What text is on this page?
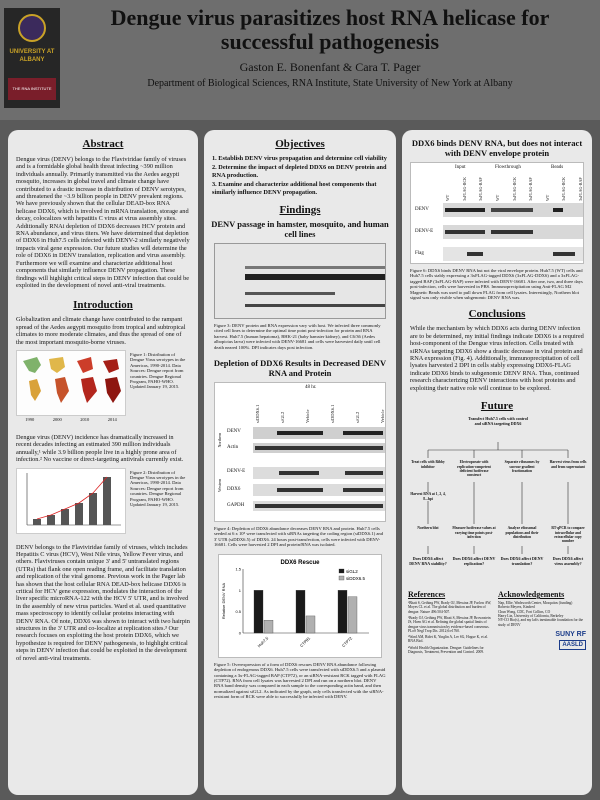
UNIVERSITY AT ALBANY
THE RNA INSTITUTE
Dengue virus parasitizes host RNA helicase for successful pathogenesis
Gaston E. Bonenfant & Cara T. Pager
Department of Biological Sciences, RNA Institute, State University of New York at Albany
Abstract
Dengue virus (DENV) belongs to the Flaviviridae family of viruses and is a formidable global health threat infecting ~390 million individuals annually. Primarily transmitted via the Aedes aegypti mosquito, increases in global travel and climate change have contributed to a drastic increase in distribution of DENV serotypes, and threatened the ~3.9 billion people in DENV prevalent regions. We have previously shown that the cellular DEAD-box RNA helicase DDX6, which is involved in mRNA translation, storage and decay, colocalizes with hepatitis C virus at virus assembly sites. Additionally RNAi depletion of DDX6 decreases HCV protein and RNA abundance, and virus titers. We have determined that depletion of DDX6 in Huh7.5 cells infected with DENV-2 similarly negatively impacts viral gene expression. Our future studies will determine the role of DDX6 in DENV translation, replication and virus assembly. Furthermore we will examine and characterize additional host components that similarly influence DENV propagation. These findings will highlight critical steps in DENV infection that could be exploited in the development of novel anti-viral treatments.
Introduction
Globalization and climate change have contributed to the rampant spread of the Aedes aegypti mosquito from tropical and subtropical climates to more moderate climates, and thus the spread of one of the most important mosquito-borne viruses.
1990	2000	2010	2014
Figure 1: Distribution of Dengue Virus serotypes in the Americas, 1990-2014. Data Sources: Dengue report from countries. Dengue Regional Program, PAHO-WHO. Updated January 19, 2015.
Dengue virus (DENV) incidence has dramatically increased in recent decades infecting an estimated 390 million individuals annually,¹ while 3.9 billion people live in a highly prone area of infection.² No vaccine or direct-targeting antivirals currently exist.
Figure 2: Distribution of Dengue Virus serotypes in the Americas, 1990-2014. Data Sources: Dengue report from countries. Dengue Regional Program, PAHO-WHO. Updated January 19, 2015.
DENV belongs to the Flaviviridae family of viruses, which includes Hepatitis C virus (HCV), West Nile virus, Yellow Fever virus, and others. Flaviviruses contain unique 3' and 5' untranslated regions (UTRs) that flank one open reading frame, and facilitate translation and replication of the viral genome. Previous work in the Pager lab has shown that the host cellular RNA DEAD-box helicase DDX6 is critical for HCV gene expression, modulates the interaction of the liver specific microRNA-122 with the HCV 5' UTR, and is involved in the assembly of new virus particles. Ward et al. used quantitative mass spectroscopy to identify cellular proteins interacting with DENV RNA. Of note, DDX6 was shown to interact with two hairpin structures in the 3' UTR and co-localize at replication sites.³ Our research focuses on exploiting the host protein DDX6, which we hypothesize is required for DENV pathogenesis, to highlight critical steps in DENV infection that could be exploited in the development of novel anti-viral treatments.
Objectives
1. Establish DENV virus propagation and determine cell viability
2. Determine the impact of depleted DDX6 on DENV protein and RNA production.
3. Examine and characterize additional host components that similarly influence DENV propagation.
Findings
DENV passage in hamster, mosquito, and human cell lines
Figure 3: DENV protein and RNA expression vary with host. We infected three commonly cited cell lines to determine the optimal time point post-infection for protein and RNA harvest. Huh7.5 (human hepatoma), BHK-21 (baby hamster kidney), and C6/36 (Aedes albopictus larva) were infected with DENV-16681 and cells were harvested daily until cell death neared 100%. DPI indicates days post infection.
Depletion of DDX6 Results in Decreased DENV RNA and Protein
48 hr.
siDDX6.1	siGL2	Vehicle	siDDX6.1	siGL2	Vehicle
Northern
Western
DENV
Actin
DENV-E
DDX6
GAPDH
Figure 4: Depletion of DDX6 abundance decreases DENV RNA and protein. Huh7.5 cells seeded at 6 x 10⁵ were transfected with siRNAs targeting the coding region (siDDX6.1) and 3' UTR (siDDX6.5) of DDX6. 24 hours post-transfection, cells were infected with DENV-16681. Cells were harvested 2 DPI and protein/RNA was isolated.
DDX6 Rescue
0
0.5
1
1.5
Relative DENV RNA
Huh7.5	CTP81	CTP72
siGL2
siDDX6.5
Figure 5: Overexpression of a form of DDX6 rescues DENV RNA abundance following depletion of endogenous DDX6. Huh7.5 cells were transfected with siDDX6.5 and a plasmid containing a 3x-FLAG-tagged BAP (CTP72), or an siRNA-resistant RCK tagged with FLAG (CTP72). RNA from cell lysates was harvested 2 DPI and run on a northern blot. DENV RNA band density was compared in each sample to the corresponding actin band, and then normalized against siGL2. As indicated by the graph, only cells transfected with the siRNA-resistant form of RCK were able to successfully be infected with DENV.
DDX6 binds DENV RNA, but does not interact with DENV envelope protein
Input	Flowthrough	Beads
WT	3xFLAG-RCK	3xFLAG-BAP	WT	3xFLAG-RCK	3xFLAG-BAP	WT	3xFLAG-RCK	3xFLAG-BAP
DENV
DENV-E
Flag
Figure 6: DDX6 binds DENV RNA but not the viral envelope protein. Huh7.5 (WT) cells and Huh7.5 cells stably expressing a 3xFLAG-tagged DDX6 (3xFLAG-DDX6) and a 3xFLAG-tagged BAP (3xFLAG-BAP) were infected with DENV-16681. After one, two, and three days post-infection, cells were harvested in PBS. Immunoprecipitation using Anti-FLAG M2 Magnetic Beads was used to pull down FLAG from cell lysates. Interestingly, Northern blot signal was only visible when subgenomic DENV RNA was.
Conclusions
While the mechanism by which DDX6 acts during DENV infection are to be determined, my initial findings indicate DDX6 is a required host-component of the Dengue virus infection. Cells treated with siRNAs targeting DDX6 show a drastic decrease in viral protein and RNA expression (Fig. 4). Additionally, immunoprecipitation of cell lysates harvested 2 DPI in cells stably expressing DDX6-FLAG indicate DDX6 binds to subgenomic DENV RNA. Thus, continued research characterizing DENV interactions with host proteins and exploiting their native role will continue to be explored.
Future
Transfect Huh7.5 cells with control and siRNA targeting DDX6
Treat cells with Ribby inhibitor
Electroporate with replication-competent deficient luciferase construct
Separate ribosomes by sucrose gradient fractionation
Harvest virus from cells and from supernatant
Harvest RNA at 1, 2, 4, 8...hpi
Northern blot	Measure luciferase values at varying time points post-infection
Analyze ribosomal populations and their distribution
RT-qPCR to compare intracellular and extracellular copy number
Does DDX6 affect DENV RNA stability?
Does DDX6 affect DENV replication?
Does DDX6 affect DENV translation?
Does DDX6 affect virus assembly?
References
¹Bhatt S, Gething PW, Brady OJ, Messina JP, Farlow AW, Moyes CL et al. The global distribution and burden of dengue. Nature 496:504-507.
²Brady OJ, Gething PW, Bhatt S, Messina JP, Brownstein JS, Hoen AG et al. Refining the global spatial limits of dengue virus transmission by evidence-based consensus. PLoS Negl Trop Dis. 2012;6:e1760.
³Ward AM, Bidet K, Yinglin A, Ler SG, Hogue K, et al. RNA Biol.
⁴World Health Organization. Dengue: Guidelines for Diagnosis, Treatment, Prevention and Control. 2009.
Acknowledgements
Nap, Ellie, Wadsworth Center, Mosquitos (funding)
Roberto Meyers, Kindred
Chun Wong, CDC, Fort Collins, CO
Harry Lin, University of California, Berkeley
NY-CO Bio(s), and my lab's inestimable foundation for the study of DENV
SUNY RF
AASLD
